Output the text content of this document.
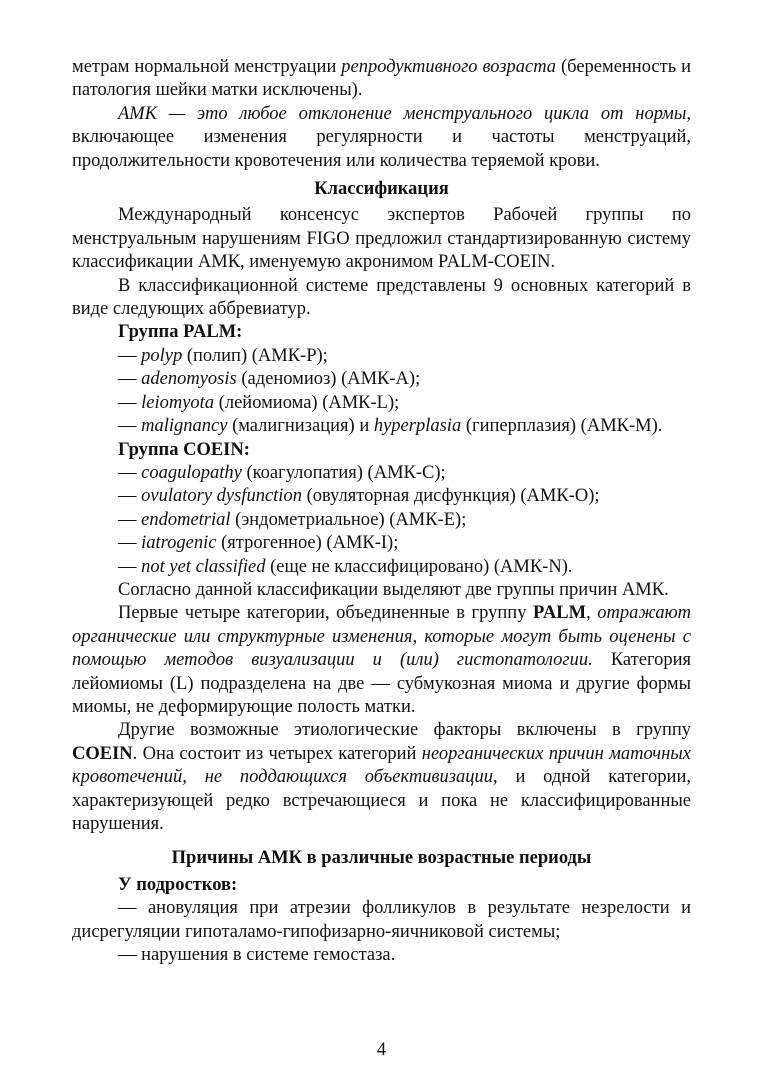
метрам нормальной менструации репродуктивного возраста (беременность и патология шейки матки исключены).

АМК — это любое отклонение менструального цикла от нормы, включающее изменения регулярности и частоты менструаций, продолжительности кровотечения или количества теряемой крови.

Классификация

Международный консенсус экспертов Рабочей группы по менструальным нарушениям FIGO предложил стандартизированную систему классификации АМК, именуемую акронимом PALM-COEIN.

В классификационной системе представлены 9 основных категорий в виде следующих аббревиатур.

Группа PALM:

— polyp (полип) (АМК-P);

— adenomyosis (аденомиоз) (АМК-A);

— leiomyota (лейомиома) (АМК-L);

— malignancy (малигнизация) и hyperplasia (гиперплазия) (АМК-М).

Группа COEIN:

— coagulopathy (коагулопатия) (АМК-С);

— ovulatory dysfunction (овуляторная дисфункция) (АМК-О);

— endometrial (эндометриальное) (АМК-Е);

— iatrogenic (ятрогенное) (АМК-I);

— not yet classified (еще не классифицировано) (АМК-N).

Согласно данной классификации выделяют две группы причин АМК.

Первые четыре категории, объединенные в группу PALM, отражают органические или структурные изменения, которые могут быть оценены с помощью методов визуализации и (или) гистопатологии. Категория лейомиомы (L) подразделена на две — субмукозная миома и другие формы миомы, не деформирующие полость матки.

Другие возможные этиологические факторы включены в группу COEIN. Она состоит из четырех категорий неорганических причин маточных кровотечений, не поддающихся объективизации, и одной категории, характеризующей редко встречающиеся и пока не классифицированные нарушения.

Причины АМК в различные возрастные периоды

У подростков:

— ановуляция при атрезии фолликулов в результате незрелости и дисрегуляции гипоталамо-гипофизарно-яичниковой системы;

— нарушения в системе гемостаза.

4
